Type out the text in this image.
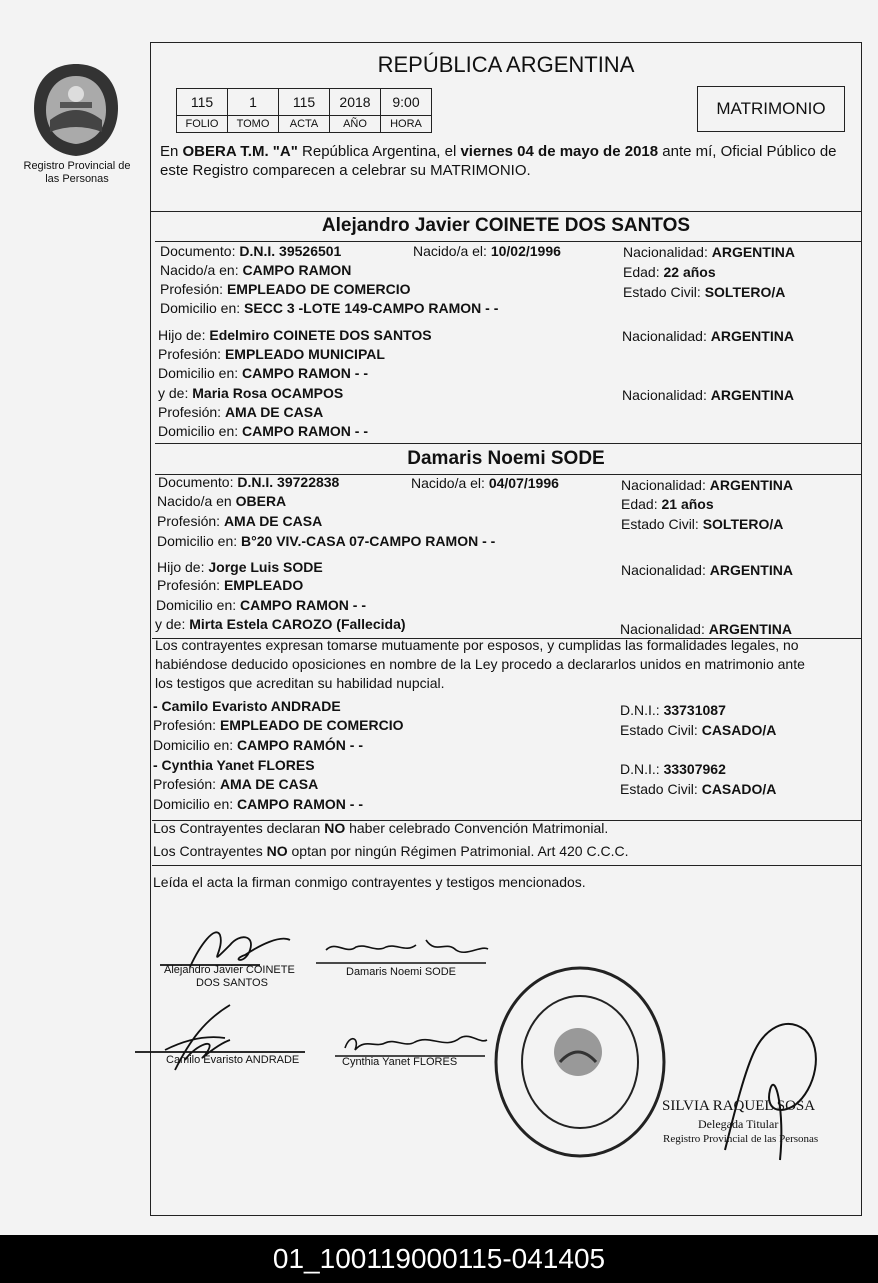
Registro Provincial de las Personas
REPÚBLICA ARGENTINA
115	1	115	2018	9:00
FOLIO	TOMO	ACTA	AÑO	HORA
MATRIMONIO
En OBERA T.M. "A" República Argentina, el viernes 04 de mayo de 2018 ante mí, Oficial Público de este Registro comparecen a celebrar su MATRIMONIO.
Alejandro Javier COINETE DOS SANTOS
Documento: D.N.I. 39526501	Nacido/a el: 10/02/1996	Nacionalidad: ARGENTINA
Nacido/a en: CAMPO RAMON	Edad: 22 años
Profesión: EMPLEADO DE COMERCIO	Estado Civil: SOLTERO/A
Domicilio en: SECC 3 -LOTE 149-CAMPO RAMON - -
Hijo de: Edelmiro COINETE DOS SANTOS	Nacionalidad: ARGENTINA
Profesión: EMPLEADO MUNICIPAL
Domicilio en: CAMPO RAMON - -
y de: Maria Rosa OCAMPOS	Nacionalidad: ARGENTINA
Profesión: AMA DE CASA
Domicilio en: CAMPO RAMON - -
Damaris Noemi SODE
Documento: D.N.I. 39722838	Nacido/a el: 04/07/1996	Nacionalidad: ARGENTINA
Nacido/a en OBERA	Edad: 21 años
Profesión: AMA DE CASA	Estado Civil: SOLTERO/A
Domicilio en: B°20 VIV.-CASA 07-CAMPO RAMON - -
Hijo de: Jorge Luis SODE	Nacionalidad: ARGENTINA
Profesión: EMPLEADO
Domicilio en: CAMPO RAMON - -
y de: Mirta Estela CAROZO (Fallecida)	Nacionalidad: ARGENTINA
Los contrayentes expresan tomarse mutuamente por esposos, y cumplidas las formalidades legales, no
habiéndose deducido oposiciones en nombre de la Ley procedo a declararlos unidos en matrimonio ante
los testigos que acreditan su habilidad nupcial.
- Camilo Evaristo ANDRADE	D.N.I.: 33731087
Profesión: EMPLEADO DE COMERCIO	Estado Civil: CASADO/A
Domicilio en: CAMPO RAMÓN - -
- Cynthia Yanet FLORES	D.N.I.: 33307962
Profesión: AMA DE CASA	Estado Civil: CASADO/A
Domicilio en: CAMPO RAMON - -
Los Contrayentes declaran NO haber celebrado Convención Matrimonial.
Los Contrayentes NO optan por ningún Régimen Patrimonial. Art 420 C.C.C.
Leída el acta la firman conmigo contrayentes y testigos mencionados.
Alejandro Javier COINETE
DOS SANTOS
Damaris Noemi SODE
Camilo Evaristo ANDRADE	Cynthia Yanet FLORES
SILVIA RAQUEL SOSA
Delegada Titular
Registro Provincial de las Personas
01_100119000115-041405
